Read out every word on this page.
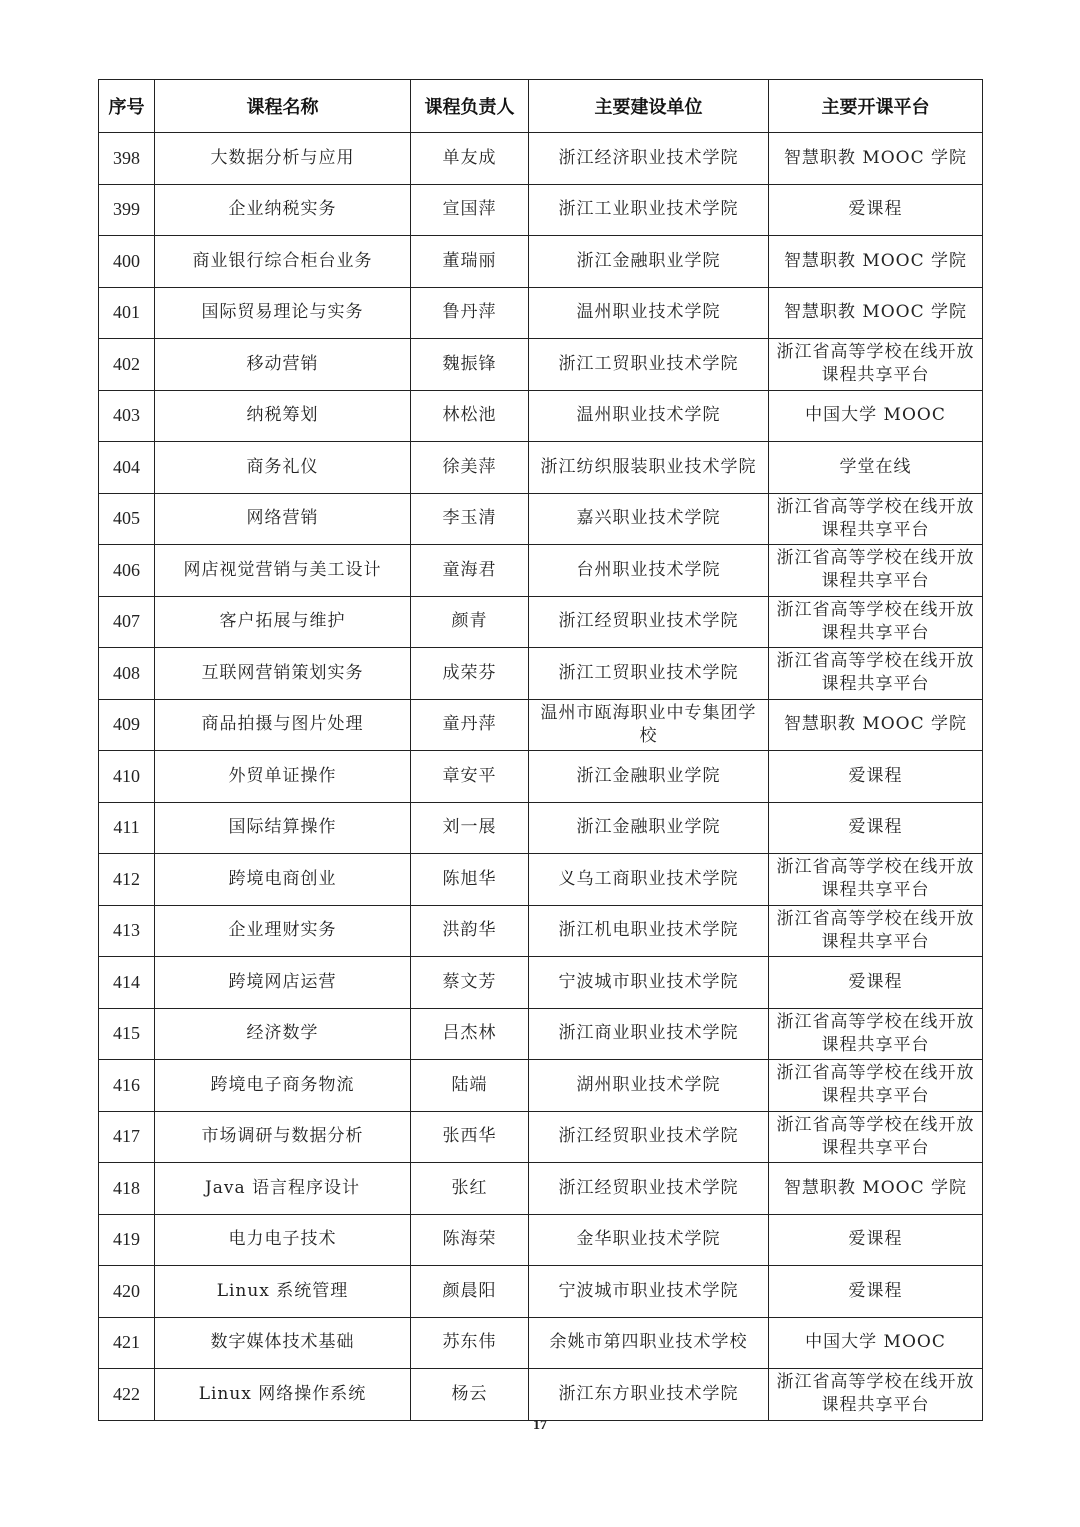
序号	课程名称	课程负责人	主要建设单位	主要开课平台
398	大数据分析与应用	单友成	浙江经济职业技术学院	智慧职教 MOOC 学院
399	企业纳税实务	宣国萍	浙江工业职业技术学院	爱课程
400	商业银行综合柜台业务	董瑞丽	浙江金融职业学院	智慧职教 MOOC 学院
401	国际贸易理论与实务	鲁丹萍	温州职业技术学院	智慧职教 MOOC 学院
402	移动营销	魏振锋	浙江工贸职业技术学院	浙江省高等学校在线开放课程共享平台
403	纳税筹划	林松池	温州职业技术学院	中国大学 MOOC
404	商务礼仪	徐美萍	浙江纺织服装职业技术学院	学堂在线
405	网络营销	李玉清	嘉兴职业技术学院	浙江省高等学校在线开放课程共享平台
406	网店视觉营销与美工设计	童海君	台州职业技术学院	浙江省高等学校在线开放课程共享平台
407	客户拓展与维护	颜青	浙江经贸职业技术学院	浙江省高等学校在线开放课程共享平台
408	互联网营销策划实务	成荣芬	浙江工贸职业技术学院	浙江省高等学校在线开放课程共享平台
409	商品拍摄与图片处理	童丹萍	温州市瓯海职业中专集团学校	智慧职教 MOOC 学院
410	外贸单证操作	章安平	浙江金融职业学院	爱课程
411	国际结算操作	刘一展	浙江金融职业学院	爱课程
412	跨境电商创业	陈旭华	义乌工商职业技术学院	浙江省高等学校在线开放课程共享平台
413	企业理财实务	洪韵华	浙江机电职业技术学院	浙江省高等学校在线开放课程共享平台
414	跨境网店运营	蔡文芳	宁波城市职业技术学院	爱课程
415	经济数学	吕杰林	浙江商业职业技术学院	浙江省高等学校在线开放课程共享平台
416	跨境电子商务物流	陆端	湖州职业技术学院	浙江省高等学校在线开放课程共享平台
417	市场调研与数据分析	张西华	浙江经贸职业技术学院	浙江省高等学校在线开放课程共享平台
418	Java 语言程序设计	张红	浙江经贸职业技术学院	智慧职教 MOOC 学院
419	电力电子技术	陈海荣	金华职业技术学院	爱课程
420	Linux 系统管理	颜晨阳	宁波城市职业技术学院	爱课程
421	数字媒体技术基础	苏东伟	余姚市第四职业技术学校	中国大学 MOOC
422	Linux 网络操作系统	杨云	浙江东方职业技术学院	浙江省高等学校在线开放课程共享平台
17
